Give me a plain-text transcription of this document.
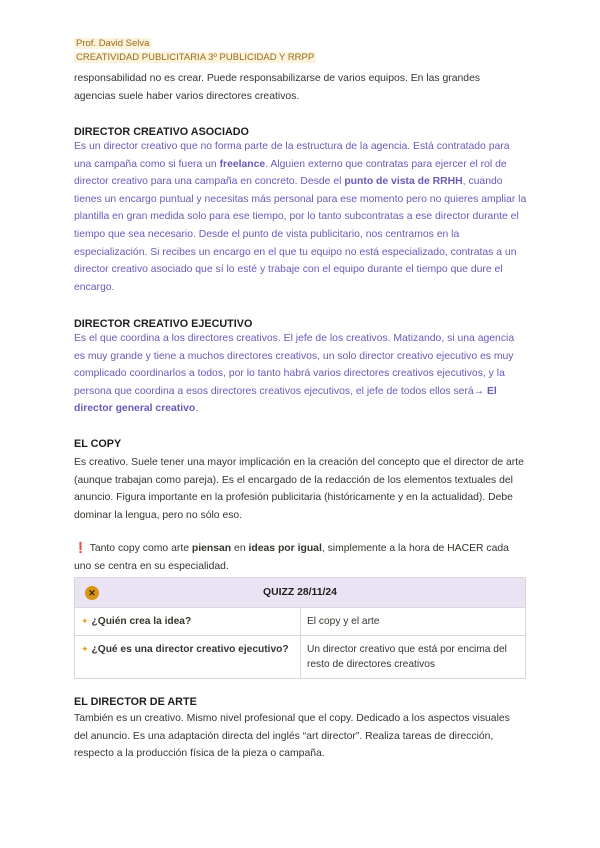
Prof. David Selva
CREATIVIDAD PUBLICITARIA 3º PUBLICIDAD Y RRPP
responsabilidad no es crear. Puede responsabilizarse de varios equipos. En las grandes
agencias suele haber varios directores creativos.
DIRECTOR CREATIVO ASOCIADO
Es un director creativo que no forma parte de la estructura de la agencia. Está contratado para una campaña como si fuera un freelance. Alguien externo que contratas para ejercer el rol de director creativo para una campaña en concreto. Desde el punto de vista de RRHH, cuando tienes un encargo puntual y necesitas más personal para ese momento pero no quieres ampliar la plantilla en gran medida solo para ese tiempo, por lo tanto subcontratas a ese director durante el tiempo que sea necesario. Desde el punto de vista publicitario, nos centramos en la especialización. Si recibes un encargo en el que tu equipo no está especializado, contratas a un director creativo asociado que sí lo esté y trabaje con el equipo durante el tiempo que dure el encargo.
DIRECTOR CREATIVO EJECUTIVO
Es el que coordina a los directores creativos. El jefe de los creativos. Matizando, si una agencia es muy grande y tiene a muchos directores creativos, un solo director creativo ejecutivo es muy complicado coordinarlos a todos, por lo tanto habrá varios directores creativos ejecutivos, y la persona que coordina a esos directores creativos ejecutivos, el jefe de todos ellos será→ El director general creativo.
EL COPY
Es creativo. Suele tener una mayor implicación en la creación del concepto que el director de arte (aunque trabajan como pareja). Es el encargado de la redacción de los elementos textuales del anuncio. Figura importante en la profesión publicitaria (históricamente y en la actualidad). Debe dominar la lengua, pero no sólo eso.
❗ Tanto copy como arte piensan en ideas por igual, simplemente a la hora de HACER cada uno se centra en su especialidad.
✕ QUIZZ 28/11/24	

✦ ¿Quién crea la idea?	El copy y el arte
✦ ¿Qué es una director creativo ejecutivo?	Un director creativo que está por encima del resto de directores creativos
EL DIRECTOR DE ARTE
También es un creativo. Mismo nivel profesional que el copy. Dedicado a los aspectos visuales del anuncio. Es una adaptación directa del inglés “art director”. Realiza tareas de dirección, respecto a la producción física de la pieza o campaña.
